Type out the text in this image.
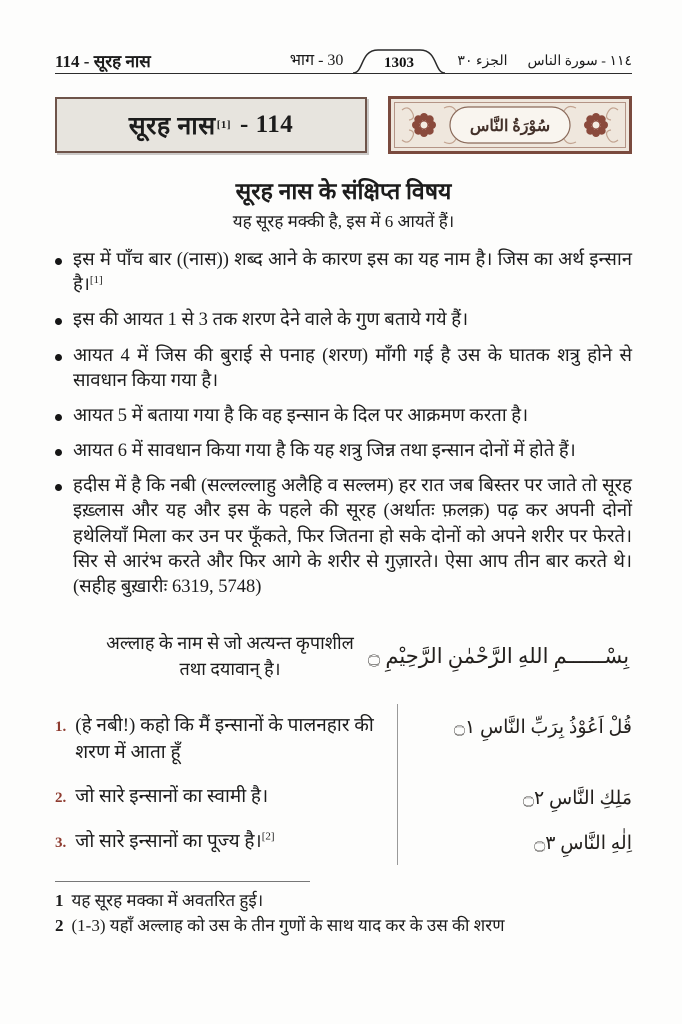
114 - सूरह नास	भाग - 30	1303	الجزء ٣٠	١١٤ - سورة الناس
सूरह नास [1] - 114	سُوْرَةُ النَّاس
सूरह नास के संक्षिप्त विषय
यह सूरह मक्की है, इस में 6 आयतें हैं।
इस में पाँच बार ((नास)) शब्द आने के कारण इस का यह नाम है। जिस का अर्थ इन्सान है।[1]
इस की आयत 1 से 3 तक शरण देने वाले के गुण बताये गये हैं।
आयत 4 में जिस की बुराई से पनाह (शरण) माँगी गई है उस के घातक शत्रु होने से सावधान किया गया है।
आयत 5 में बताया गया है कि वह इन्सान के दिल पर आक्रमण करता है।
आयत 6 में सावधान किया गया है कि यह शत्रु जिन्न तथा इन्सान दोनों में होते हैं।
हदीस में है कि नबी (सल्लल्लाहु अलैहि व सल्लम) हर रात जब बिस्तर पर जाते तो सूरह इख़्लास और यह और इस के पहले की सूरह (अर्थातः फ़लक़) पढ़ कर अपनी दोनों हथेलियाँ मिला कर उन पर फूँकते, फिर जितना हो सके दोनों को अपने शरीर पर फेरते। सिर से आरंभ करते और फिर आगे के शरीर से गुज़ारते। ऐसा आप तीन बार करते थे। (सहीह बुख़ारीः 6319, 5748)
अल्लाह के नाम से जो अत्यन्त कृपाशील तथा दयावान् है।
بِسْــــــمِ اللهِ الرَّحْمٰنِ الرَّحِيْمِ ۝
1. (हे नबी!) कहो कि मैं इन्सानों के पालनहार की शरण में आता हूँ
قُلْ اَعُوْذُ بِرَبِّ النَّاسِ ۝١
2. जो सारे इन्सानों का स्वामी है।	مَلِكِ النَّاسِ ۝٢
3. जो सारे इन्सानों का पूज्य है।[2]	اِلٰهِ النَّاسِ ۝٣
1 यह सूरह मक्का में अवतरित हुई।
2 (1-3) यहाँ अल्लाह को उस के तीन गुणों के साथ याद कर के उस की शरण
